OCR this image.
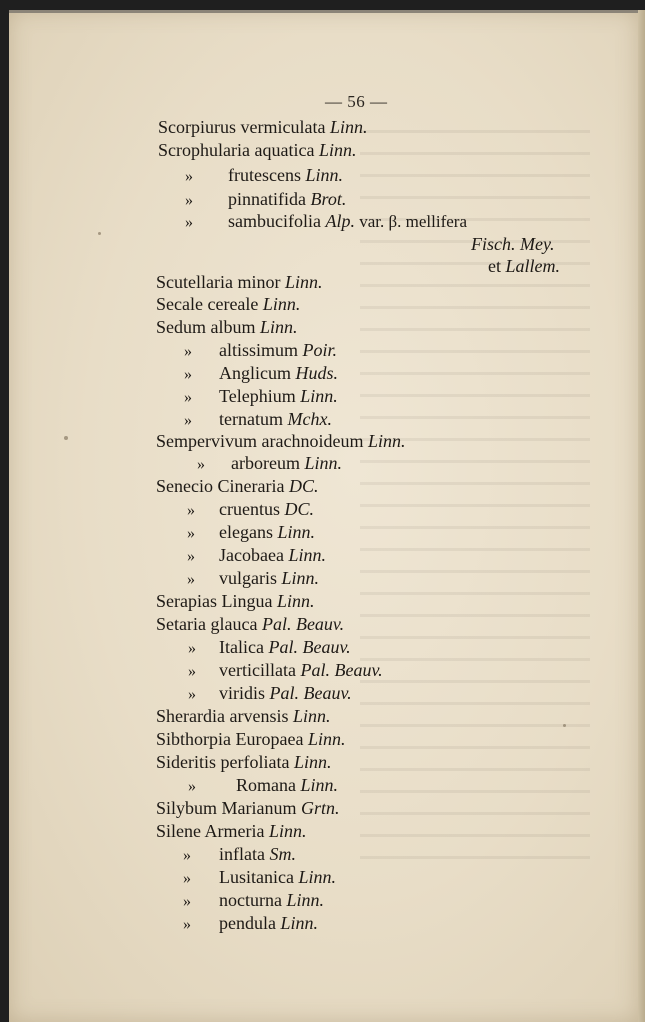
— 56 —
Scorpiurus vermiculata Linn.
Scrophularia aquatica Linn.
frutescens Linn.
»
pinnatifida Brot.
»
sambucifolia Alp. var. β. mellifera
»
Fisch. Mey.
et Lallem.
Scutellaria minor Linn.
Secale cereale Linn.
Sedum album Linn.
altissimum Poir.
»
Anglicum Huds.
»
Telephium Linn.
»
ternatum Mchx.
»
Sempervivum arachnoideum Linn.
arboreum Linn.
»
Senecio Cineraria DC.
cruentus DC.
»
elegans Linn.
»
Jacobaea Linn.
»
vulgaris Linn.
»
Serapias Lingua Linn.
Setaria glauca Pal. Beauv.
Italica Pal. Beauv.
»
verticillata Pal. Beauv.
»
viridis Pal. Beauv.
»
Sherardia arvensis Linn.
Sibthorpia Europaea Linn.
Sideritis perfoliata Linn.
Romana Linn.
»
Silybum Marianum Grtn.
Silene Armeria Linn.
inflata Sm.
»
Lusitanica Linn.
»
nocturna Linn.
»
pendula Linn.
»
